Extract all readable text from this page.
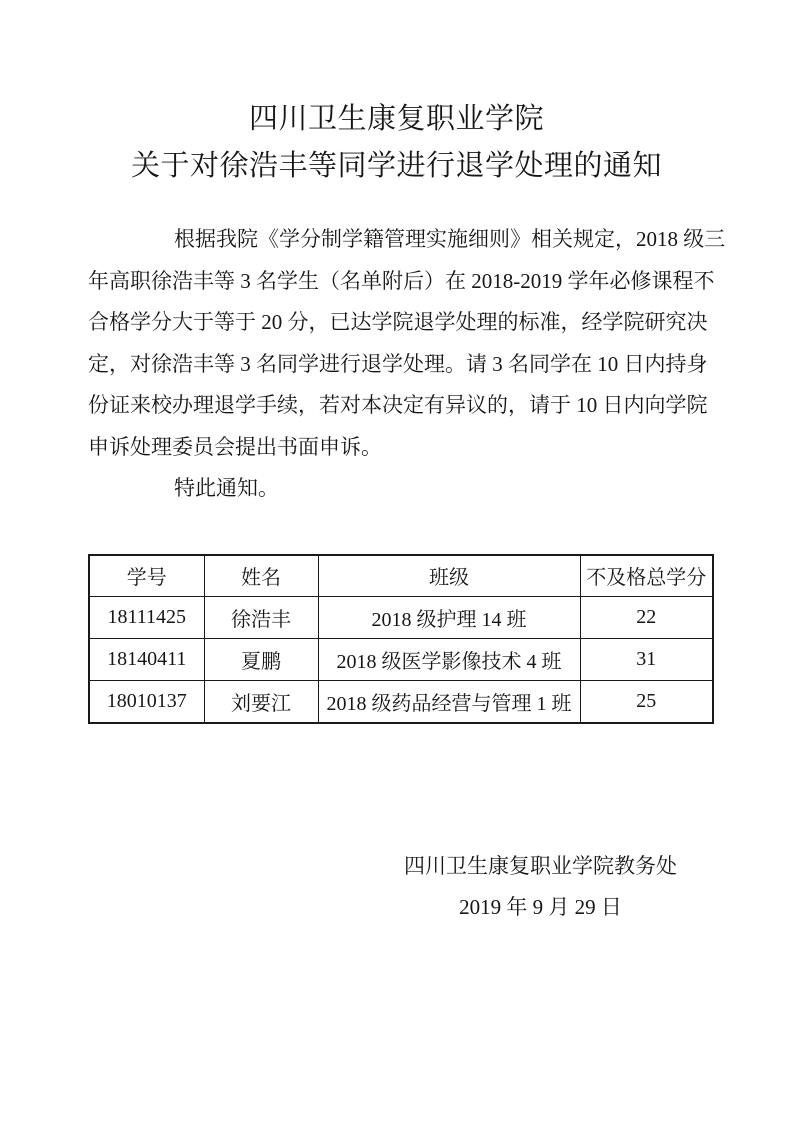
四川卫生康复职业学院
关于对徐浩丰等同学进行退学处理的通知
根据我院《学分制学籍管理实施细则》相关规定，2018 级三
年高职徐浩丰等 3 名学生（名单附后）在 2018-2019 学年必修课程不
合格学分大于等于 20 分，已达学院退学处理的标准，经学院研究决
定，对徐浩丰等 3 名同学进行退学处理。请 3 名同学在 10 日内持身
份证来校办理退学手续，若对本决定有异议的，请于 10 日内向学院
申诉处理委员会提出书面申诉。
特此通知。
学号	姓名	班级	不及格总学分
18111425	徐浩丰	2018 级护理 14 班	22
18140411	夏鹏	2018 级医学影像技术 4 班	31
18010137	刘要江	2018 级药品经营与管理 1 班	25
四川卫生康复职业学院教务处
2019 年 9 月 29 日
